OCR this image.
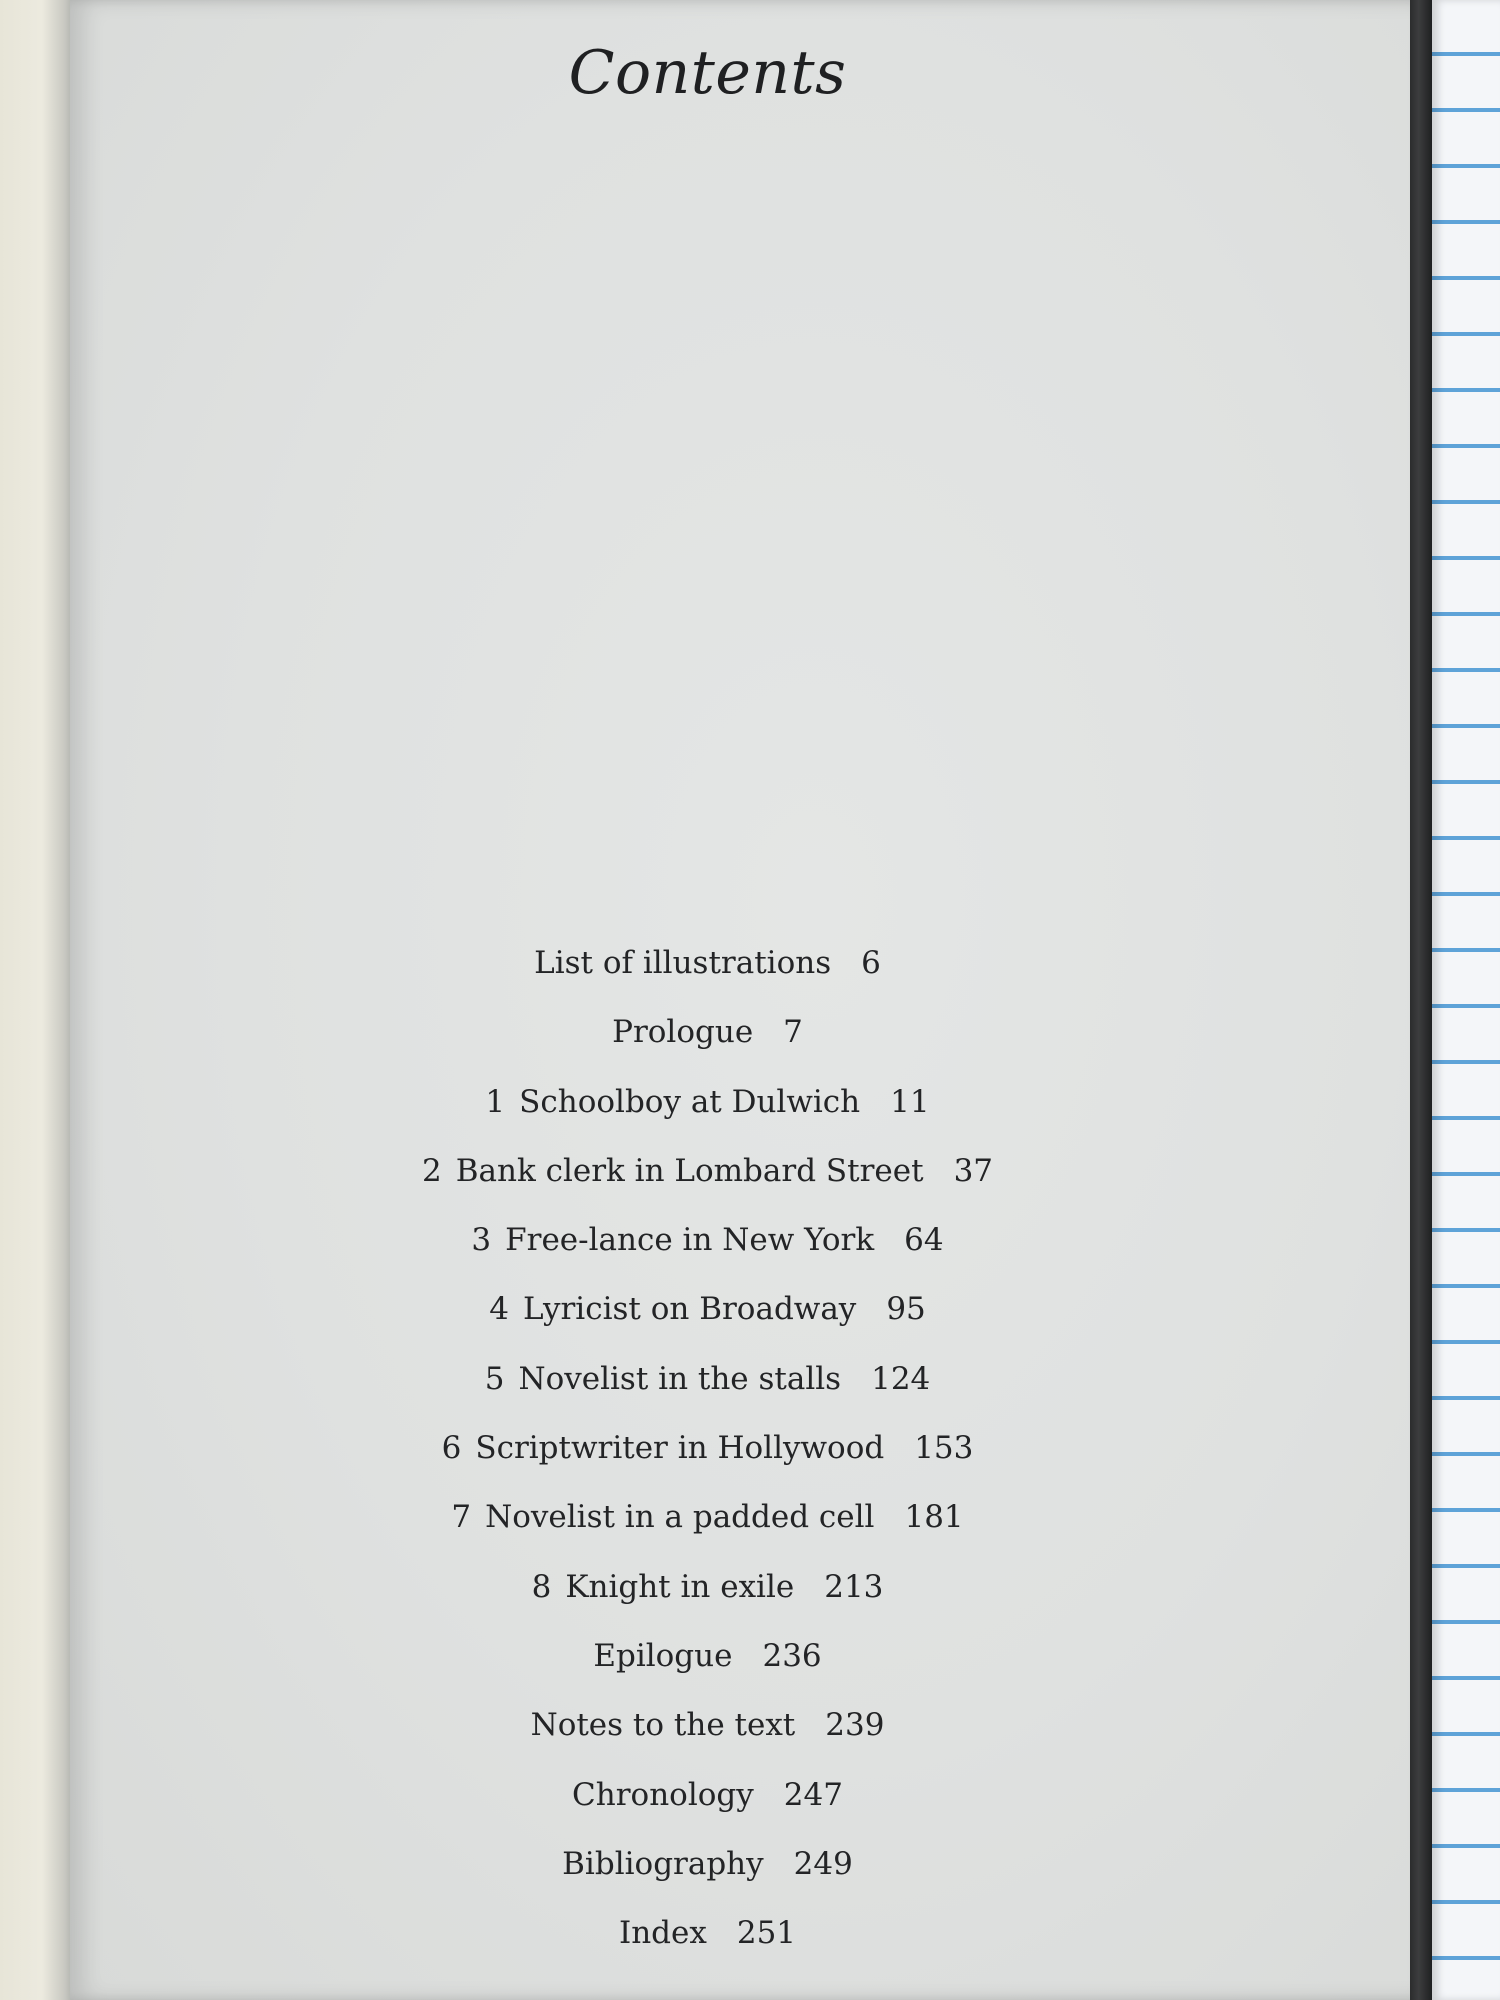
Contents
List of illustrations 6
Prologue 7
1 Schoolboy at Dulwich 11
2 Bank clerk in Lombard Street 37
3 Free-lance in New York 64
4 Lyricist on Broadway 95
5 Novelist in the stalls 124
6 Scriptwriter in Hollywood 153
7 Novelist in a padded cell 181
8 Knight in exile 213
Epilogue 236
Notes to the text 239
Chronology 247
Bibliography 249
Index 251
